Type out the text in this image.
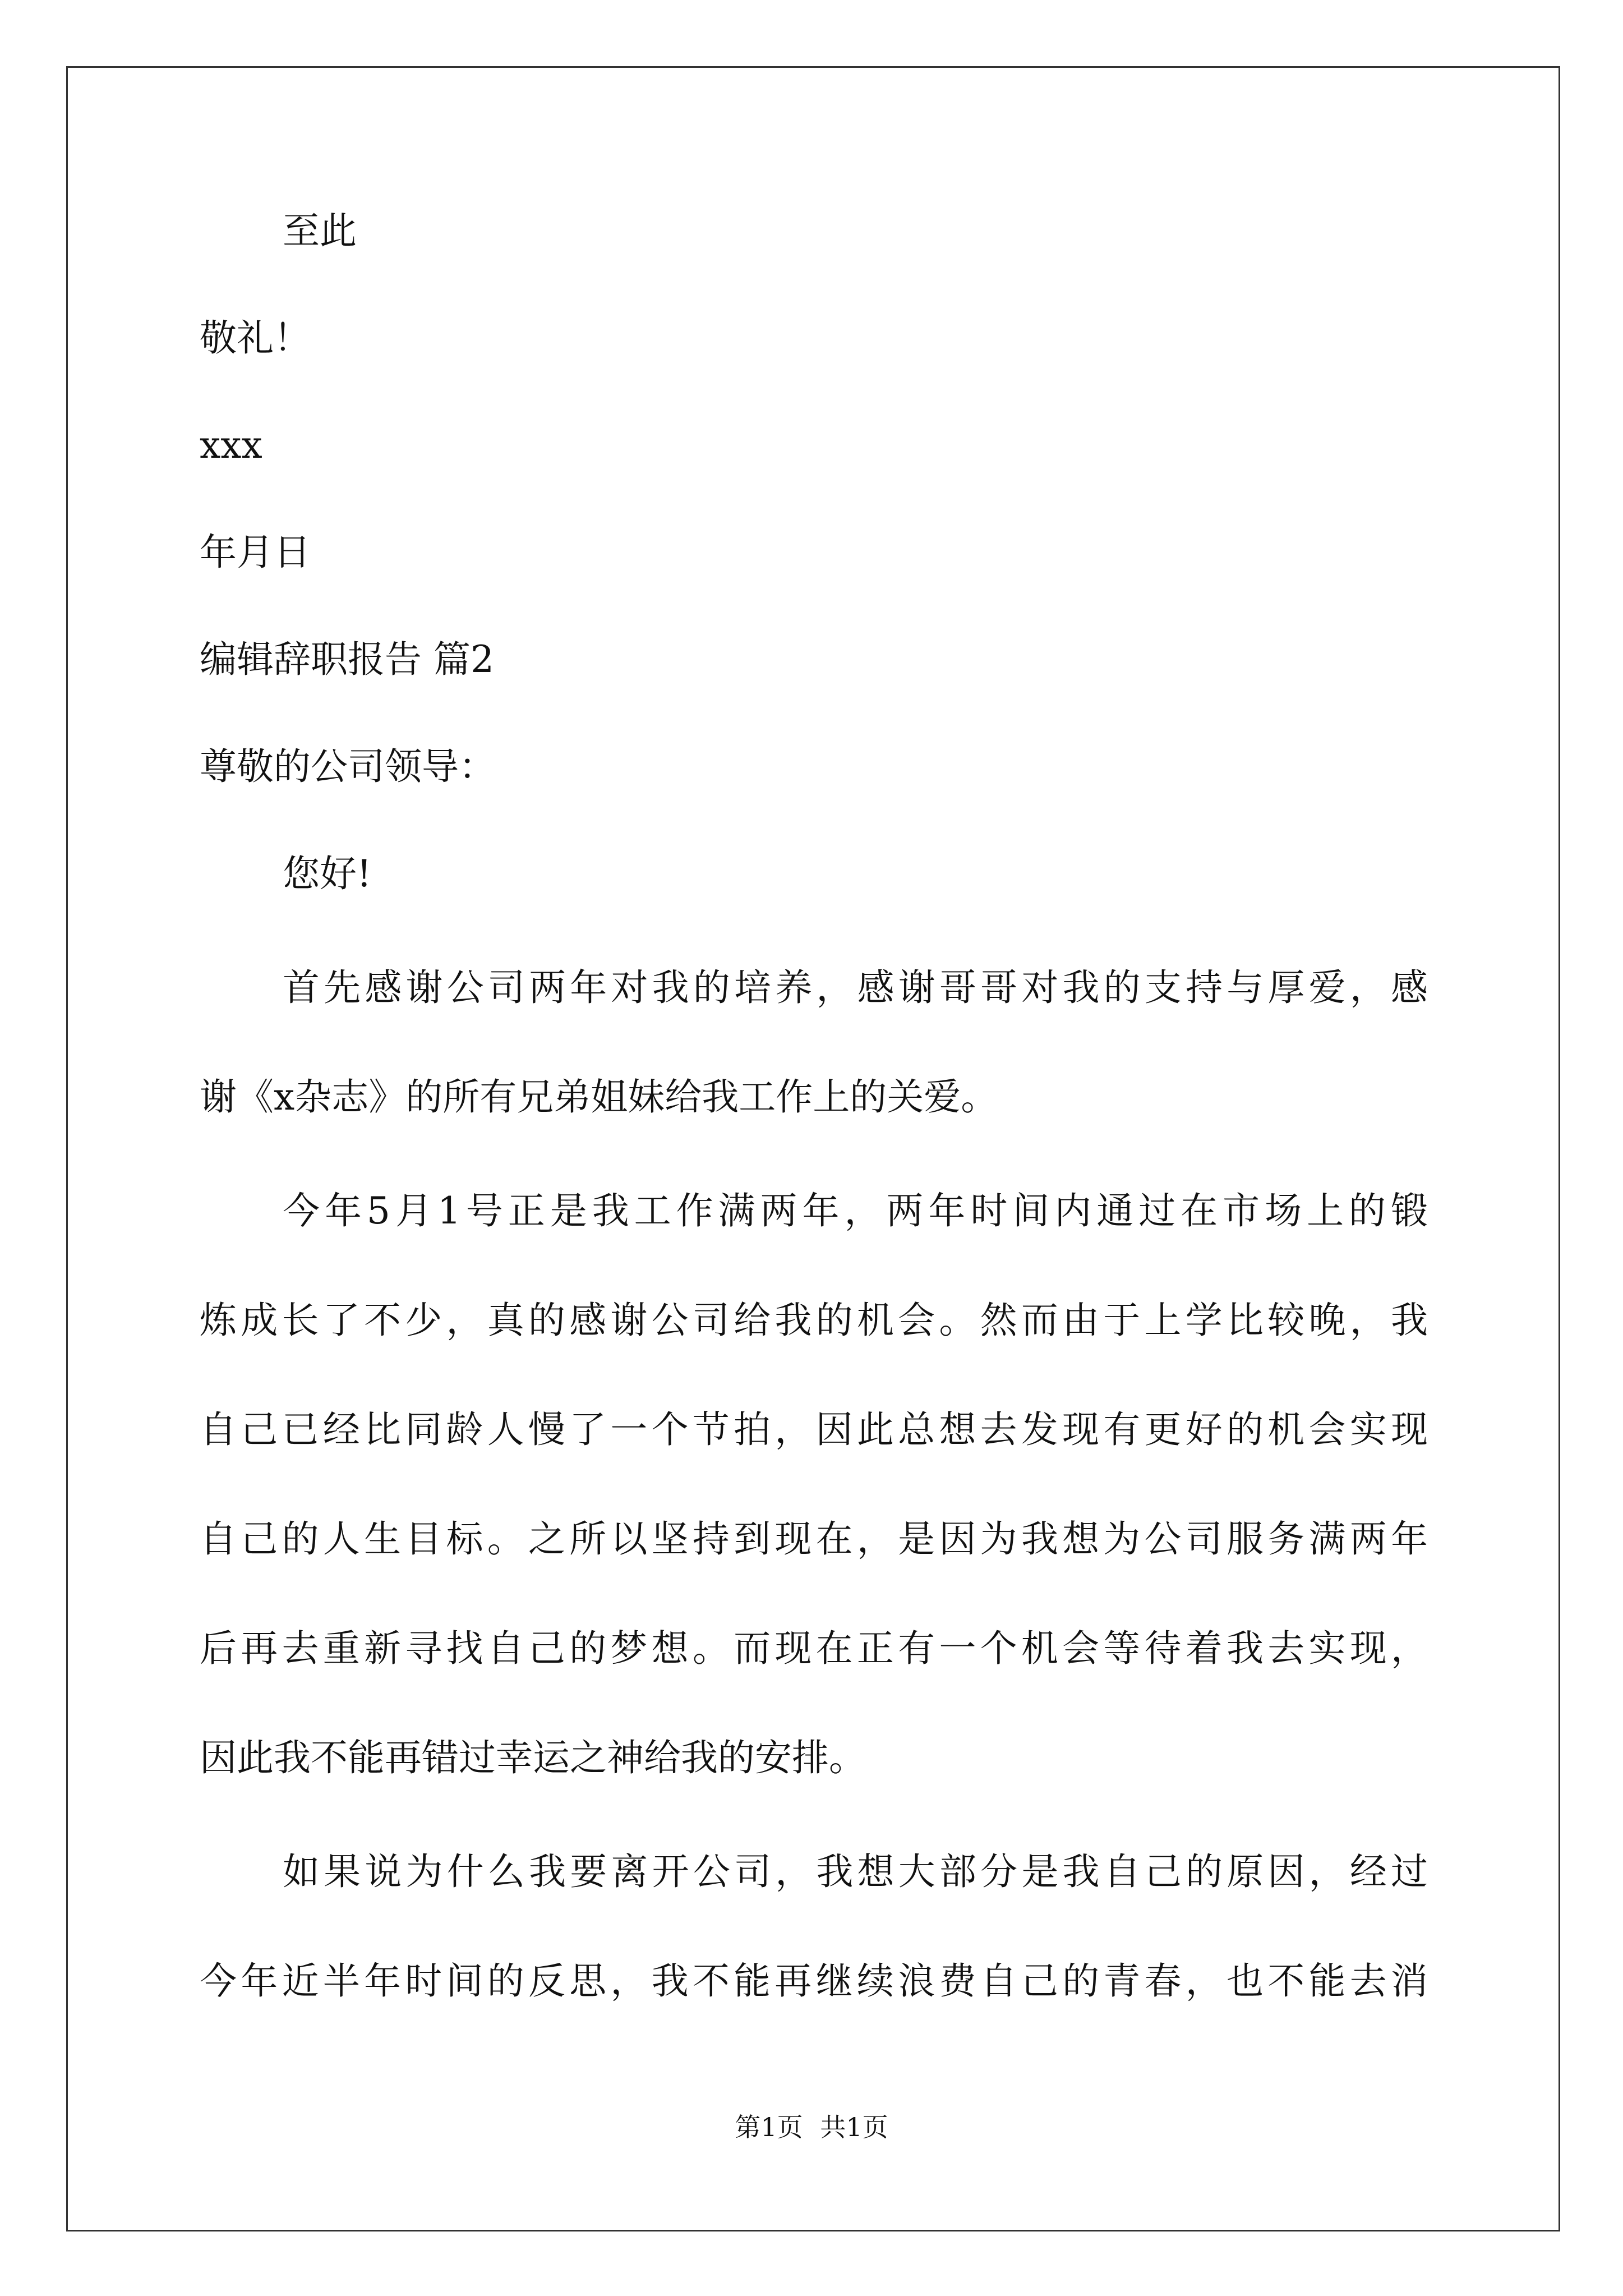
至此

敬礼！

xxx

年月日

编辑辞职报告 篇2

尊敬的公司领导：

您好!

首先感谢公司两年对我的培养，感谢哥哥对我的支持与厚爱，感

谢《x杂志》的所有兄弟姐妹给我工作上的关爱。

今年5月1号正是我工作满两年，两年时间内通过在市场上的锻

炼成长了不少，真的感谢公司给我的机会。然而由于上学比较晚，我

自己已经比同龄人慢了一个节拍，因此总想去发现有更好的机会实现

自己的人生目标。之所以坚持到现在，是因为我想为公司服务满两年

后再去重新寻找自己的梦想。而现在正有一个机会等待着我去实现，

因此我不能再错过幸运之神给我的安排。

如果说为什么我要离开公司，我想大部分是我自己的原因，经过

今年近半年时间的反思，我不能再继续浪费自己的青春，也不能去消

第1页 共1页
